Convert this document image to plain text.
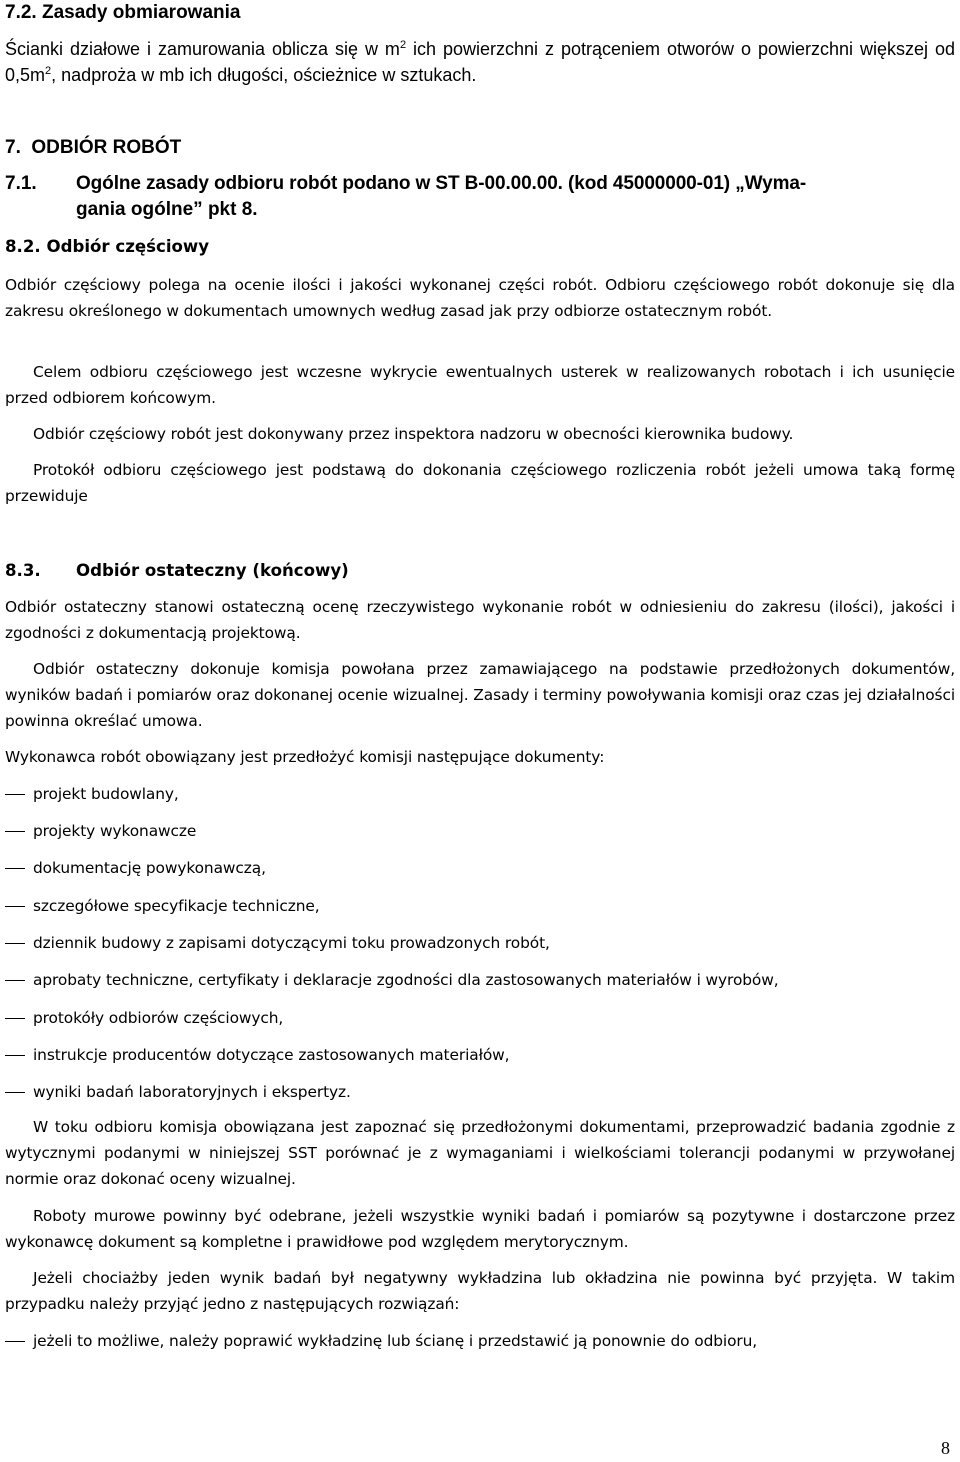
7.2. Zasady obmiarowania
Ścianki działowe i zamurowania oblicza się w $m^2$ ich powierzchni z potrąceniem otworów o powierzchni większej od $0,5m^2$, nadproża w mb ich długości, ościeżnice w sztukach.
7.  ODBIÓR ROBÓT
7.1. Ogólne zasady odbioru robót podano w ST B-00.00.00. (kod 45000000-01) „Wyma-
gania ogólne” pkt 8.
8.2. Odbiór częściowy
Odbiór częściowy polega na ocenie ilości i jakości wykonanej części robót. Odbioru częściowego robót dokonuje się dla zakresu określonego w dokumentach umownych według zasad jak przy odbiorze ostatecznym robót.
Celem odbioru częściowego jest wczesne wykrycie ewentualnych usterek w realizowanych robotach i ich usunięcie przed odbiorem końcowym.
Odbiór częściowy robót jest dokonywany przez inspektora nadzoru w obecności kierownika budowy.
Protokół odbioru częściowego jest podstawą do dokonania częściowego rozliczenia robót jeżeli umowa taką formę przewiduje
8.3. Odbiór ostateczny (końcowy)
Odbiór ostateczny stanowi ostateczną ocenę rzeczywistego wykonanie robót w odniesieniu do zakresu (ilości), jakości i zgodności z dokumentacją projektową.
Odbiór ostateczny dokonuje komisja powołana przez zamawiającego na podstawie przedłożonych dokumentów, wyników badań i pomiarów oraz dokonanej ocenie wizualnej. Zasady i terminy powoływania komisji oraz czas jej działalności powinna określać umowa.
Wykonawca robót obowiązany jest przedłożyć komisji następujące dokumenty:
projekt budowlany,
projekty wykonawcze
dokumentację powykonawczą,
szczegółowe specyfikacje techniczne,
dziennik budowy z zapisami dotyczącymi toku prowadzonych robót,
aprobaty techniczne, certyfikaty i deklaracje zgodności dla zastosowanych materiałów i wyrobów,
protokóły odbiorów częściowych,
instrukcje producentów dotyczące zastosowanych materiałów,
wyniki badań laboratoryjnych i ekspertyz.
W toku odbioru komisja obowiązana jest zapoznać się przedłożonymi dokumentami, przeprowadzić badania zgodnie z wytycznymi podanymi w niniejszej SST porównać je z wymaganiami i wielkościami tolerancji podanymi w przywołanej normie oraz dokonać oceny wizualnej.
Roboty murowe powinny być odebrane, jeżeli wszystkie wyniki badań i pomiarów są pozytywne i dostarczone przez wykonawcę dokument są kompletne i prawidłowe pod względem merytorycznym.
Jeżeli chociażby jeden wynik badań był negatywny wykładzina lub okładzina nie powinna być przyjęta. W takim przypadku należy przyjąć jedno z następujących rozwiązań:
jeżeli to możliwe, należy poprawić wykładzinę lub ścianę i przedstawić ją ponownie do odbioru,
8
